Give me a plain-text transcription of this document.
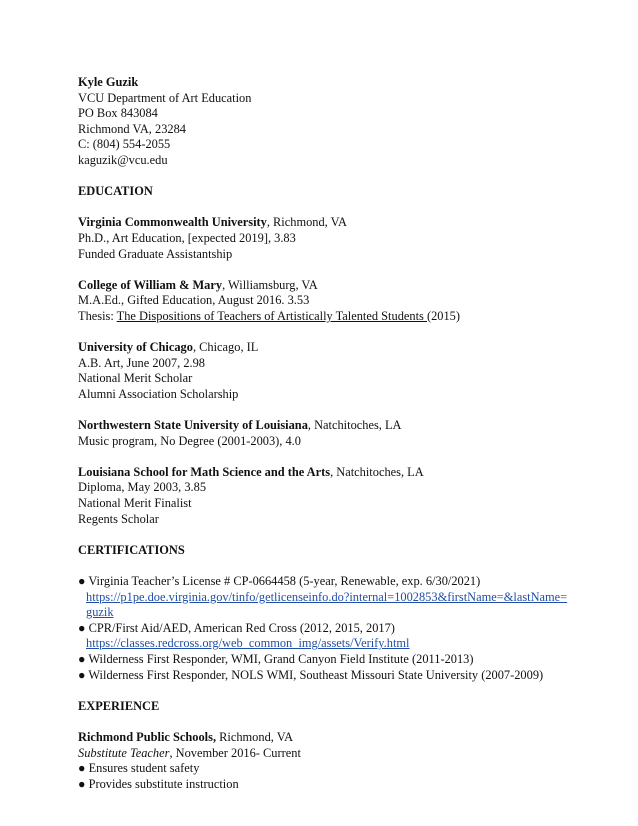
Kyle Guzik
VCU Department of Art Education
PO Box 843084
Richmond VA, 23284
C: (804) 554-2055
kaguzik@vcu.edu
EDUCATION
Virginia Commonwealth University, Richmond, VA
Ph.D., Art Education, [expected 2019], 3.83
Funded Graduate Assistantship
College of William & Mary, Williamsburg, VA
M.A.Ed., Gifted Education, August 2016. 3.53
Thesis: The Dispositions of Teachers of Artistically Talented Students (2015)
University of Chicago, Chicago, IL
A.B. Art, June 2007, 2.98
National Merit Scholar
Alumni Association Scholarship
Northwestern State University of Louisiana, Natchitoches, LA
Music program, No Degree (2001-2003), 4.0
Louisiana School for Math Science and the Arts, Natchitoches, LA
Diploma, May 2003, 3.85
National Merit Finalist
Regents Scholar
CERTIFICATIONS
● Virginia Teacher’s License # CP-0664458 (5-year, Renewable, exp. 6/30/2021)
https://p1pe.doe.virginia.gov/tinfo/getlicenseinfo.do?internal=1002853&firstName=&lastName=guzik
● CPR/First Aid/AED, American Red Cross (2012, 2015, 2017)
https://classes.redcross.org/web_common_img/assets/Verify.html
● Wilderness First Responder, WMI, Grand Canyon Field Institute (2011-2013)
● Wilderness First Responder, NOLS WMI, Southeast Missouri State University (2007-2009)
EXPERIENCE
Richmond Public Schools, Richmond, VA
Substitute Teacher, November 2016- Current
● Ensures student safety
● Provides substitute instruction
